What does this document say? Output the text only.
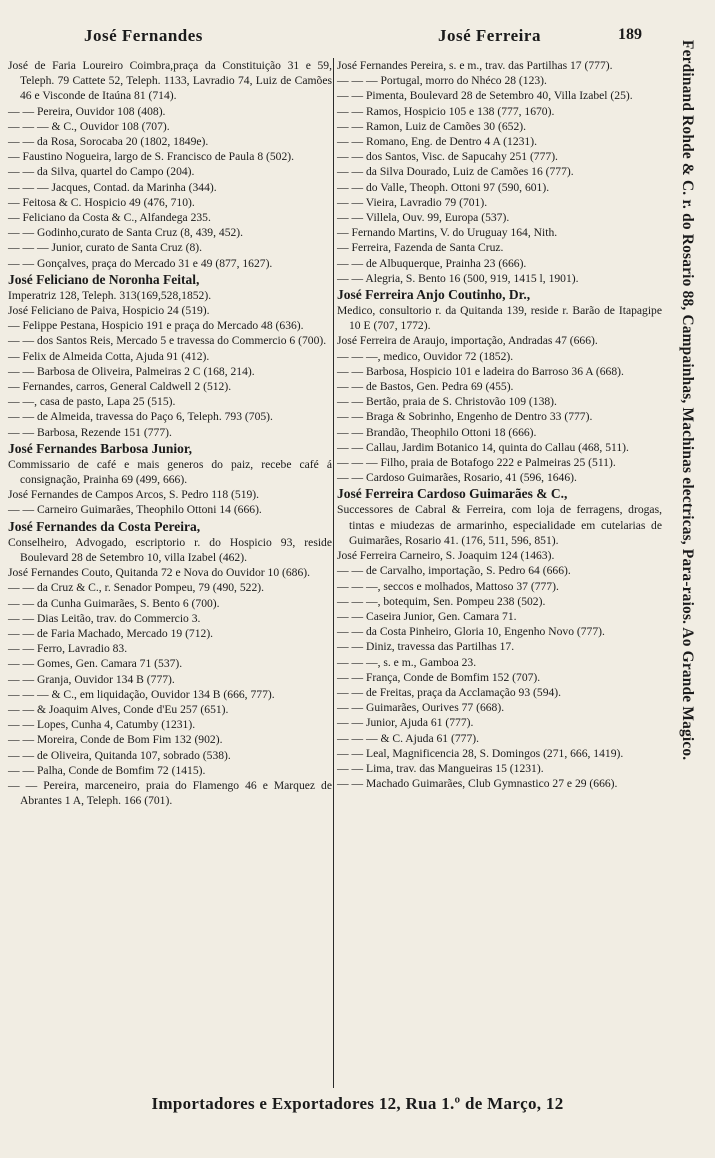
José Fernandes	José Ferreira	189

José de Faria Loureiro Coimbra,praça da Constituição 31 e 59, Teleph. 79 Cattete 52, Teleph. 1133, Lavradio 74, Luiz de Camões 46 e Visconde de Itaúna 81 (714).

— — Pereira, Ouvidor 108 (408).

— — — & C., Ouvidor 108 (707).

— — da Rosa, Sorocaba 20 (1802, 1849e).

— Faustino Nogueira, largo de S. Francisco de Paula 8 (502).

— — da Silva, quartel do Campo (204).

— — — Jacques, Contad. da Marinha (344).

— Feitosa & C. Hospicio 49 (476, 710).

— Feliciano da Costa & C., Alfandega 235.

— — Godinho,curato de Santa Cruz (8, 439, 452).

— — — Junior, curato de Santa Cruz (8).

— — Gonçalves, praça do Mercado 31 e 49 (877, 1627).

José Feliciano de Noronha Feital,

Imperatriz 128, Teleph. 313(169,528,1852).

José Feliciano de Paiva, Hospicio 24 (519).

— Felippe Pestana, Hospicio 191 e praça do Mercado 48 (636).

— — dos Santos Reis, Mercado 5 e travessa do Commercio 6 (700).

— Felix de Almeida Cotta, Ajuda 91 (412).

— — Barbosa de Oliveira, Palmeiras 2 C (168, 214).

— Fernandes, carros, General Caldwell 2 (512).

— —, casa de pasto, Lapa 25 (515).

— — de Almeida, travessa do Paço 6, Teleph. 793 (705).

— — Barbosa, Rezende 151 (777).

José Fernandes Barbosa Junior,

Commissario de café e mais generos do paiz, recebe café á consignação, Prainha 69 (499, 666).

José Fernandes de Campos Arcos, S. Pedro 118 (519).

— — Carneiro Guimarães, Theophilo Ottoni 14 (666).

José Fernandes da Costa Pereira,

Conselheiro, Advogado, escriptorio r. do Hospicio 93, reside Boulevard 28 de Setembro 10, villa Izabel (462).

José Fernandes Couto, Quitanda 72 e Nova do Ouvidor 10 (686).

— — da Cruz & C., r. Senador Pompeu, 79 (490, 522).

— — da Cunha Guimarães, S. Bento 6 (700).

— — Dias Leitão, trav. do Commercio 3.

— — de Faria Machado, Mercado 19 (712).

— — Ferro, Lavradio 83.

— — Gomes, Gen. Camara 71 (537).

— — Granja, Ouvidor 134 B (777).

— — — & C., em liquidação, Ouvidor 134 B (666, 777).

— — & Joaquim Alves, Conde d'Eu 257 (651).

— — Lopes, Cunha 4, Catumby (1231).

— — Moreira, Conde de Bom Fim 132 (902).

— — de Oliveira, Quitanda 107, sobrado (538).

— — Palha, Conde de Bomfim 72 (1415).

— — Pereira, marceneiro, praia do Flamengo 46 e Marquez de Abrantes 1 A, Teleph. 166 (701).

José Fernandes Pereira, s. e m., trav. das Partilhas 17 (777).

— — — Portugal, morro do Nhéco 28 (123).

— — Pimenta, Boulevard 28 de Setembro 40, Villa Izabel (25).

— — Ramos, Hospicio 105 e 138 (777, 1670).

— — Ramon, Luiz de Camões 30 (652).

— — Romano, Eng. de Dentro 4 A (1231).

— — dos Santos, Visc. de Sapucahy 251 (777).

— — da Silva Dourado, Luiz de Camões 16 (777).

— — do Valle, Theoph. Ottoni 97 (590, 601).

— — Vieira, Lavradio 79 (701).

— — Villela, Ouv. 99, Europa (537).

— Fernando Martins, V. do Uruguay 164, Nith.

— Ferreira, Fazenda de Santa Cruz.

— — de Albuquerque, Prainha 23 (666).

— — Alegria, S. Bento 16 (500, 919, 1415 l, 1901).

José Ferreira Anjo Coutinho, Dr.,

Medico, consultorio r. da Quitanda 139, reside r. Barão de Itapagipe 10 E (707, 1772).

José Ferreira de Araujo, importação, Andradas 47 (666).

— — —, medico, Ouvidor 72 (1852).

— — Barbosa, Hospicio 101 e ladeira do Barroso 36 A (668).

— — de Bastos, Gen. Pedra 69 (455).

— — Bertão, praia de S. Christovão 109 (138).

— — Braga & Sobrinho, Engenho de Dentro 33 (777).

— — Brandão, Theophilo Ottoni 18 (666).

— — Callau, Jardim Botanico 14, quinta do Callau (468, 511).

— — — Filho, praia de Botafogo 222 e Palmeiras 25 (511).

— — Cardoso Guimarães, Rosario, 41 (596, 1646).

José Ferreira Cardoso Guimarães & C.,

Successores de Cabral & Ferreira, com loja de ferragens, drogas, tintas e miudezas de armarinho, especialidade em cutelarias de Guimarães, Rosario 41. (176, 511, 596, 851).

José Ferreira Carneiro, S. Joaquim 124 (1463).

— — de Carvalho, importação, S. Pedro 64 (666).

— — —, seccos e molhados, Mattoso 37 (777).

— — —, botequim, Sen. Pompeu 238 (502).

— — Caseira Junior, Gen. Camara 71.

— — da Costa Pinheiro, Gloria 10, Engenho Novo (777).

— — Diniz, travessa das Partilhas 17.

— — —, s. e m., Gamboa 23.

— — França, Conde de Bomfim 152 (707).

— — de Freitas, praça da Acclamação 93 (594).

— — Guimarães, Ourives 77 (668).

— — Junior, Ajuda 61 (777).

— — — & C. Ajuda 61 (777).

— — Leal, Magnificencia 28, S. Domingos (271, 666, 1419).

— — Lima, trav. das Mangueiras 15 (1231).

— — Machado Guimarães, Club Gymnastico 27 e 29 (666).

Ferdinand Rohde & C. r. do Rosario 88, Campainhas, Machinas electricas, Para-raios. Ao Grande Magico.
Importadores e Exportadores 12, Rua 1.º de Março, 12
